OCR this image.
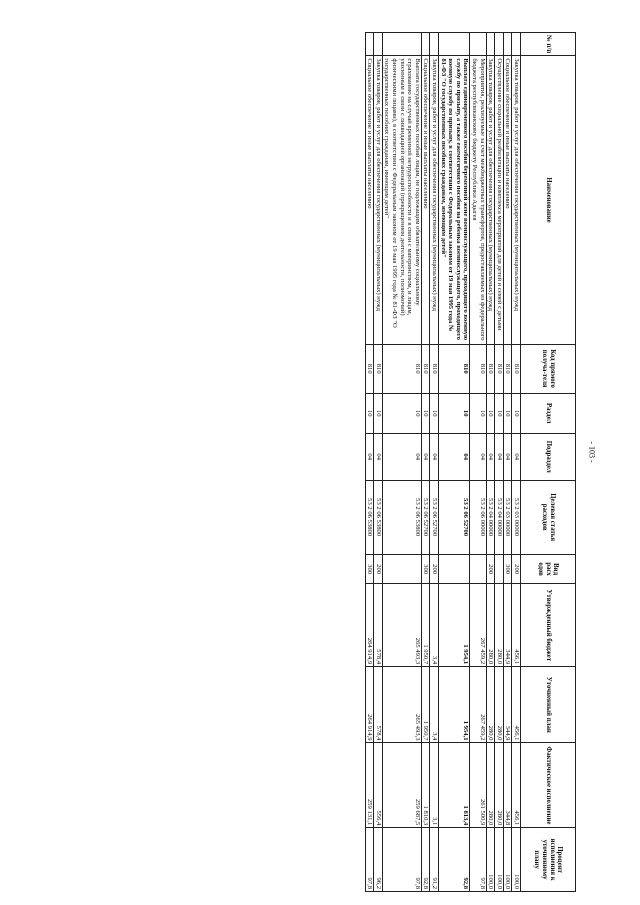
- 103 -
№ п/п	Наименование	Код прямого получа-теля	Раздел	Подраздел	Целевая статья расходов	Вид расх одов	Утвержденный бюджет	Уточненный план	Фактическое исполнение	Процент исполнения к уточненному плану
	Закупка товаров, работ и услуг для обеспечения государственных (муниципальных) нужд	810	10	04	53 2 03 00000	200	456,1	456,1	456,1	100,0
	Социальное обеспечение и иные выплаты населению	810	10	04	53 2 03 00000	300	344,9	344,9	344,8	100,0
	Осуществление социальной реабилитации и комплекса мероприятий для детей и семей с детьми	810	10	04	53 2 04 00000		280,0	280,0	280,0	100,0
	Закупка товаров, работ и услуг для обеспечения государственных (муниципальных) нужд	810	10	04	53 2 04 00000	200	280,0	280,0	280,0	100,0
	Мероприятия, реализуемые за счет межбюджетных трансфертов, предоставляемых из федерального бюджета республиканскому бюджету Республики Адыгея	810	10	04	53 2 06 00000		267 459,2	267 459,2	261 500,9	97,8
	Выплата единовременного пособия беременной жене военнослужащего, проходящего военную службу по призыву, а также ежемесячного пособия на ребенка военнослужащего, проходящего военную службу по призыву, в соответствии с Федеральным законом от 19 мая 1995 года № 81-ФЗ "О государственных пособиях гражданам, имеющим детей"	810	10	04	53 2 06 52700		1 954,1	1 954,1	1 813,4	92,8
	Закупка товаров, работ и услуг для обеспечения государственных (муниципальных) нужд	810	10	04	53 2 06 52700	200	3,4	3,4	3,1	91,2
	Социальное обеспечение и иные выплаты населению	810	10	04	53 2 06 52700	300	1 950,7	1 950,7	1 810,3	92,8
	Выплата государственных пособий лицам, не подлежащим обязательному социальному страхованию на случай временной нетрудоспособности и в связи с материнством, и лицам, уволенным в связи с ликвидацией организаций (прекращением деятельности, полномочий) физическими лицами), в соответствии с Федеральным законом от 19 мая 1995 года № 81-ФЗ "О государственных пособиях гражданам, имеющим детей"	810	10	04	53 2 06 53800		265 493,3	265 493,3	259 687,5	97,8
	Закупка товаров, работ и услуг для обеспечения государственных (муниципальных) нужд	810	10	04	53 2 06 53800	200	578,4	578,4	556,4	96,2
	Социальное обеспечение и иные выплаты населению	810	10	04	53 2 06 53800	300	264 914,9	264 914,9	259 131,1	97,8
